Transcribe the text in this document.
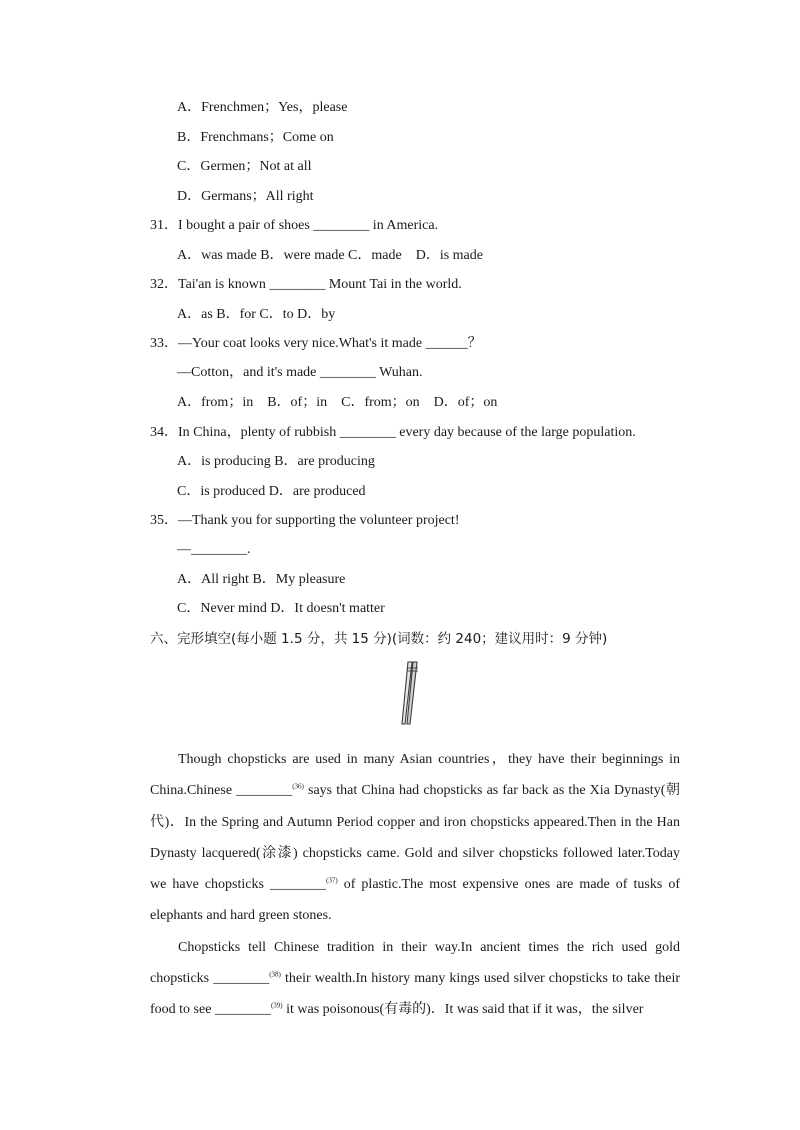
A．Frenchmen；Yes，please
B．Frenchmans；Come on
C．Germen；Not at all
D．Germans；All right
31．I bought a pair of shoes ________ in America.
A．was made B．were made C．made　D．is made
32．Tai'an is known ________ Mount Tai in the world.
A．as B．for C．to D．by
33．—Your coat looks very nice.What's it made ______？
—Cotton，and it's made ________ Wuhan.
A．from；in　B．of；in　C．from；on　D．of；on
34．In China，plenty of rubbish ________ every day because of the large population.
A．is producing B．are producing
C．is produced D．are produced
35．—Thank you for supporting the volunteer project!
—________.
A．All right B．My pleasure
C．Never mind D．It doesn't matter
六、完形填空(每小题 1.5 分，共 15 分)(词数：约 240；建议用时：9 分钟)

Though chopsticks are used in many Asian countries，they have their beginnings in China.Chinese ________$^{(36)}$ says that China had chopsticks as far back as the Xia Dynasty(朝代)．In the Spring and Autumn Period copper and iron chopsticks appeared.Then in the Han Dynasty lacquered(涂漆) chopsticks came. Gold and silver chopsticks followed later.Today we have chopsticks ________$^{(37)}$ of plastic.The most expensive ones are made of tusks of elephants and hard green stones.

Chopsticks tell Chinese tradition in their way.In ancient times the rich used gold chopsticks ________$^{(38)}$ their wealth.In history many kings used silver chopsticks to take their food to see ________$^{(39)}$ it was poisonous(有毒的)．It was said that if it was，the silver
